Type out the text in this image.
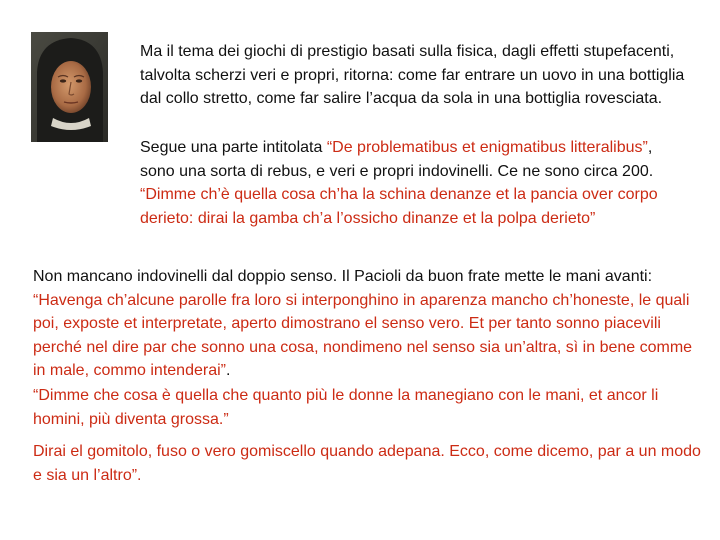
Ma il tema dei giochi di prestigio basati sulla fisica, dagli effetti stupefacenti, talvolta scherzi veri e propri, ritorna: come far entrare un uovo in una bottiglia dal collo stretto, come far salire l’acqua da sola in una bottiglia rovesciata.

Segue una parte intitolata “De problematibus et enigmatibus litteralibus”, sono una sorta di rebus, e veri e propri indovinelli. Ce ne sono circa 200. “Dimme ch’è quella cosa ch’ha la schina denanze et la pancia over corpo derieto: dirai la gamba ch’a l’ossicho dinanze et la polpa derieto”

Non mancano indovinelli dal doppio senso. Il Pacioli da buon frate mette le mani avanti: “Havenga ch’alcune parolle fra loro si interponghino in aparenza mancho ch’honeste, le quali poi, exposte et interpretate, aperto dimostrano el senso vero. Et per tanto sonno piacevili perché nel dire par che sonno una cosa, nondimeno nel senso sia un’altra, sì in bene comme in male, commo intenderai”.

“Dimme che cosa è quella che quanto più le donne la manegiano con le mani, et ancor li homini, più diventa grossa.”

Dirai el gomitolo, fuso o vero gomiscello quando adepana. Ecco, come dicemo, par a un modo e sia un l’altro”.
